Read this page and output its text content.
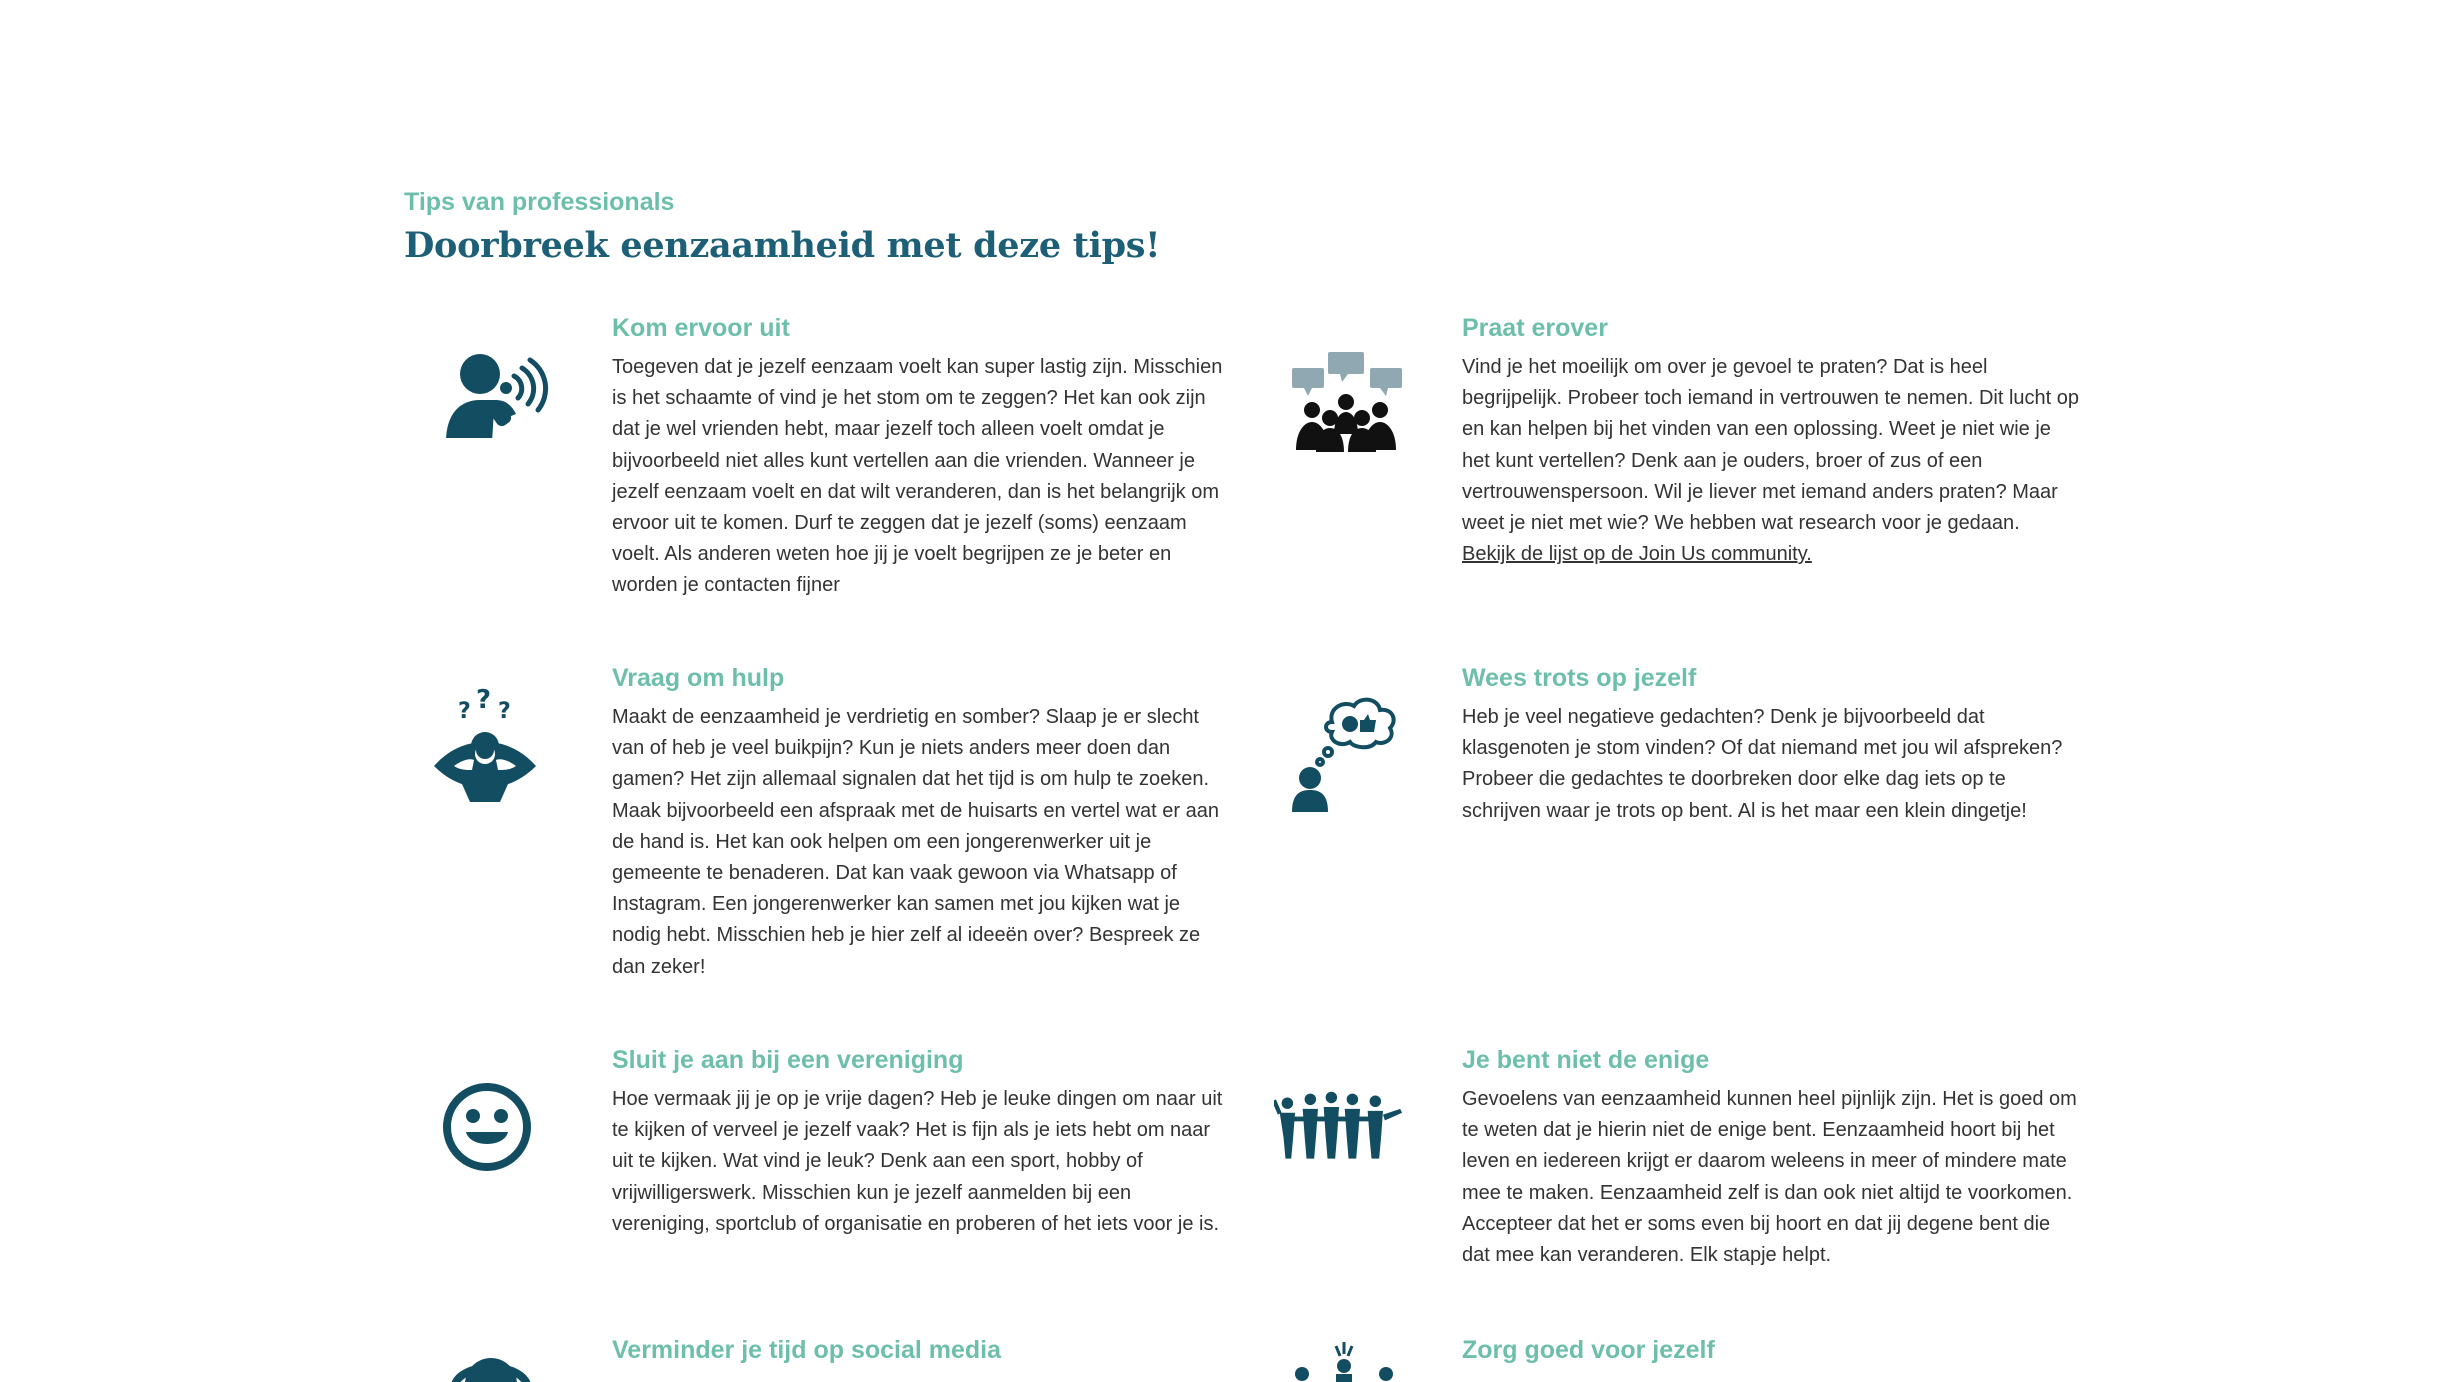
Tips van professionals

Doorbreek eenzaamheid met deze tips!
Kom ervoor uit

Toegeven dat je jezelf eenzaam voelt kan super lastig zijn. Misschien is het schaamte of vind je het stom om te zeggen? Het kan ook zijn dat je wel vrienden hebt, maar jezelf toch alleen voelt omdat je bijvoorbeeld niet alles kunt vertellen aan die vrienden. Wanneer je jezelf eenzaam voelt en dat wilt veranderen, dan is het belangrijk om ervoor uit te komen. Durf te zeggen dat je jezelf (soms) eenzaam voelt. Als anderen weten hoe jij je voelt begrijpen ze je beter en worden je contacten fijner

Praat erover

Vind je het moeilijk om over je gevoel te praten? Dat is heel begrijpelijk. Probeer toch iemand in vertrouwen te nemen. Dit lucht op en kan helpen bij het vinden van een oplossing. Weet je niet wie je het kunt vertellen? Denk aan je ouders, broer of zus of een vertrouwenspersoon. Wil je liever met iemand anders praten? Maar weet je niet met wie? We hebben wat research voor je gedaan.
Bekijk de lijst op de Join Us community.

? ? ?
Vraag om hulp

Maakt de eenzaamheid je verdrietig en somber? Slaap je er slecht van of heb je veel buikpijn? Kun je niets anders meer doen dan gamen? Het zijn allemaal signalen dat het tijd is om hulp te zoeken. Maak bijvoorbeeld een afspraak met de huisarts en vertel wat er aan de hand is. Het kan ook helpen om een jongerenwerker uit je gemeente te benaderen. Dat kan vaak gewoon via Whatsapp of Instagram. Een jongerenwerker kan samen met jou kijken wat je nodig hebt. Misschien heb je hier zelf al ideeën over? Bespreek ze dan zeker!

Wees trots op jezelf

Heb je veel negatieve gedachten? Denk je bijvoorbeeld dat klasgenoten je stom vinden? Of dat niemand met jou wil afspreken? Probeer die gedachtes te doorbreken door elke dag iets op te schrijven waar je trots op bent. Al is het maar een klein dingetje!

Sluit je aan bij een vereniging

Hoe vermaak jij je op je vrije dagen? Heb je leuke dingen om naar uit te kijken of verveel je jezelf vaak? Het is fijn als je iets hebt om naar uit te kijken. Wat vind je leuk? Denk aan een sport, hobby of vrijwilligerswerk. Misschien kun je jezelf aanmelden bij een vereniging, sportclub of organisatie en proberen of het iets voor je is.

Je bent niet de enige

Gevoelens van eenzaamheid kunnen heel pijnlijk zijn. Het is goed om te weten dat je hierin niet de enige bent. Eenzaamheid hoort bij het leven en iedereen krijgt er daarom weleens in meer of mindere mate mee te maken. Eenzaamheid zelf is dan ook niet altijd te voorkomen. Accepteer dat het er soms even bij hoort en dat jij degene bent die dat mee kan veranderen. Elk stapje helpt.

Verminder je tijd op social media	Zorg goed voor jezelf
